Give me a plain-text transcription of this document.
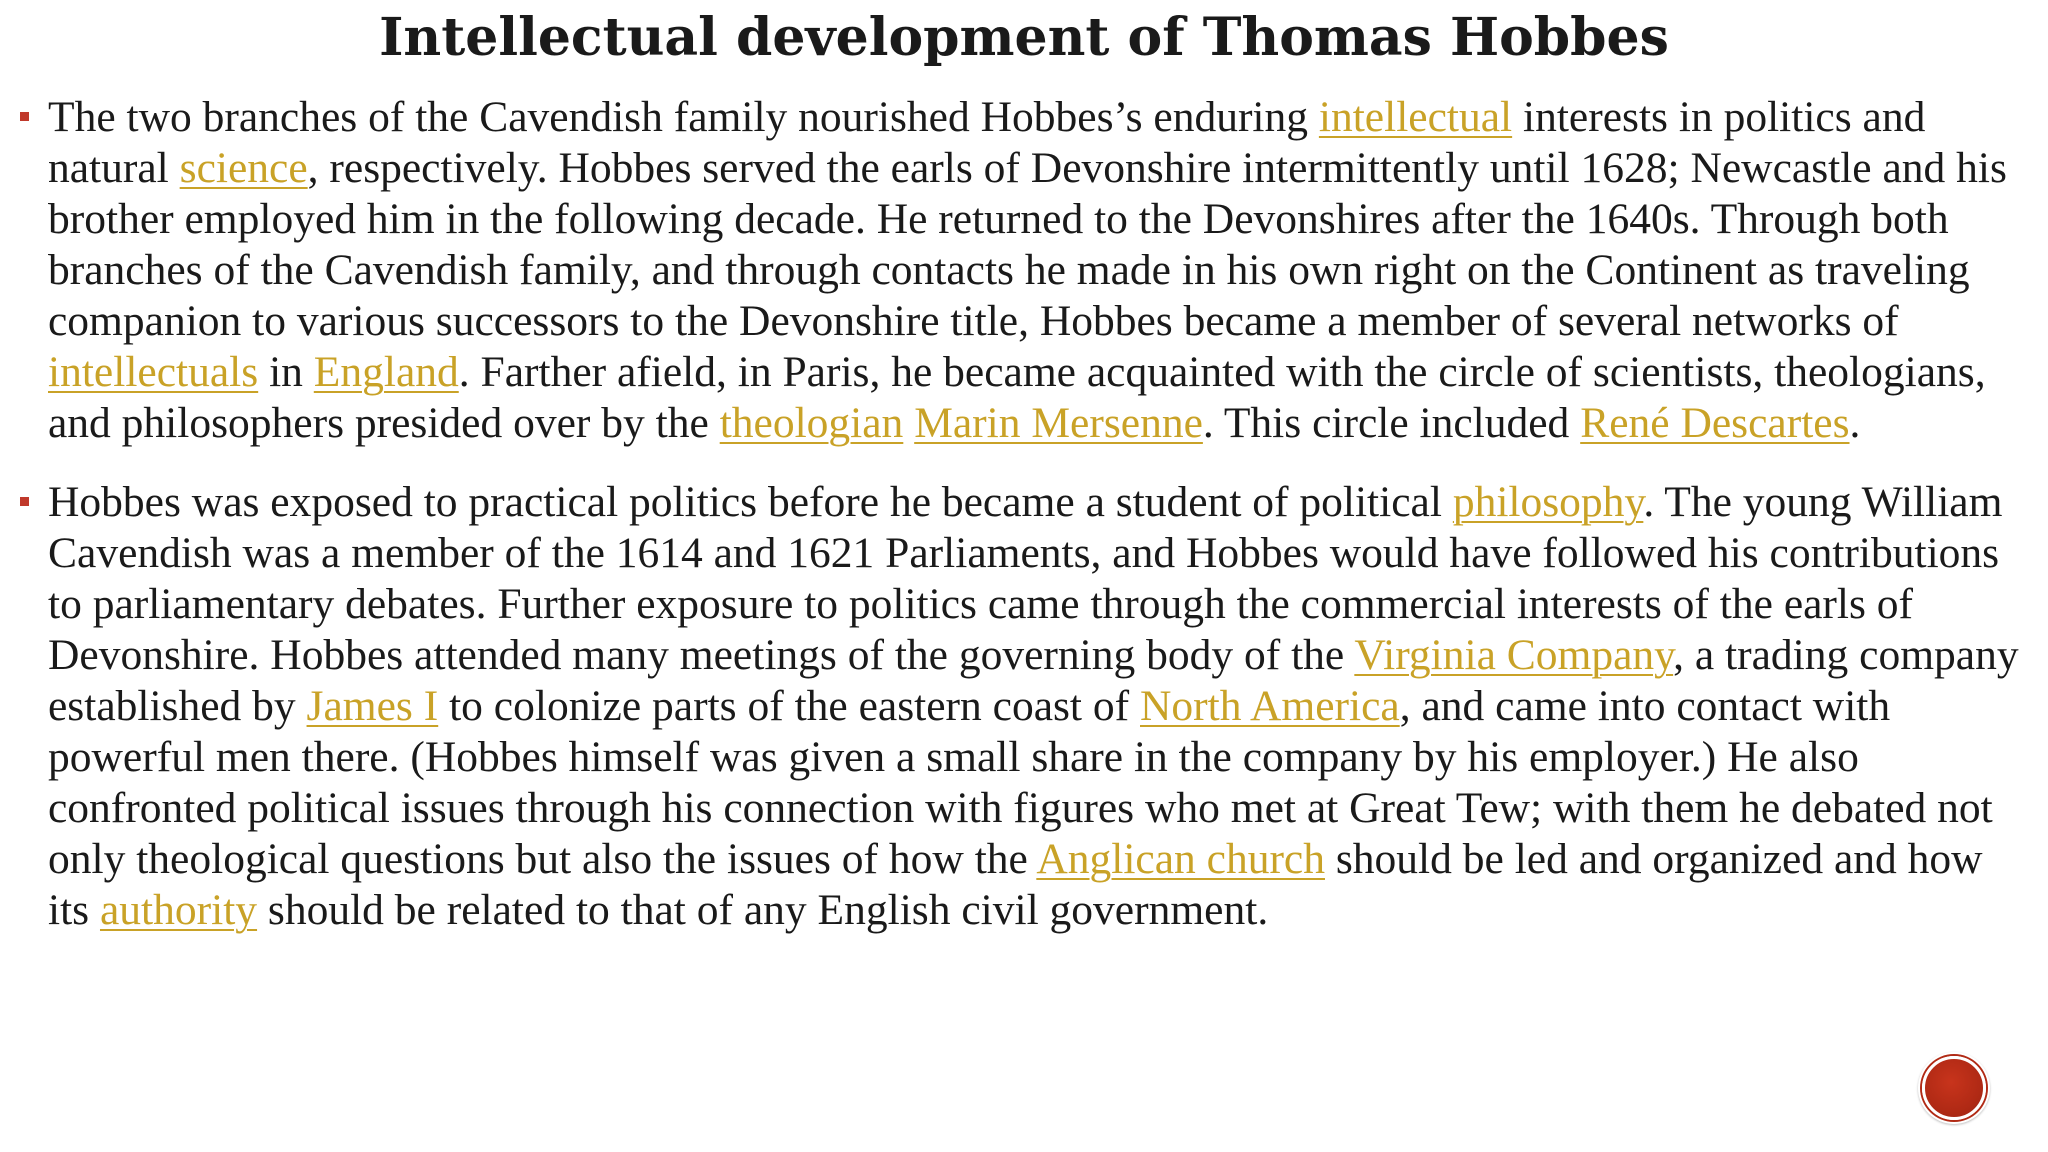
Intellectual development of Thomas Hobbes
The two branches of the Cavendish family nourished Hobbes’s enduring intellectual interests in politics and natural science, respectively. Hobbes served the earls of Devonshire intermittently until 1628; Newcastle and his brother employed him in the following decade. He returned to the Devonshires after the 1640s. Through both branches of the Cavendish family, and through contacts he made in his own right on the Continent as traveling companion to various successors to the Devonshire title, Hobbes became a member of several networks of intellectuals in England. Farther afield, in Paris, he became acquainted with the circle of scientists, theologians, and philosophers presided over by the theologian Marin Mersenne. This circle included René Descartes.
Hobbes was exposed to practical politics before he became a student of political philosophy. The young William Cavendish was a member of the 1614 and 1621 Parliaments, and Hobbes would have followed his contributions to parliamentary debates. Further exposure to politics came through the commercial interests of the earls of Devonshire. Hobbes attended many meetings of the governing body of the Virginia Company, a trading company established by James I to colonize parts of the eastern coast of North America, and came into contact with powerful men there. (Hobbes himself was given a small share in the company by his employer.) He also confronted political issues through his connection with figures who met at Great Tew; with them he debated not only theological questions but also the issues of how the Anglican church should be led and organized and how its authority should be related to that of any English civil government.
